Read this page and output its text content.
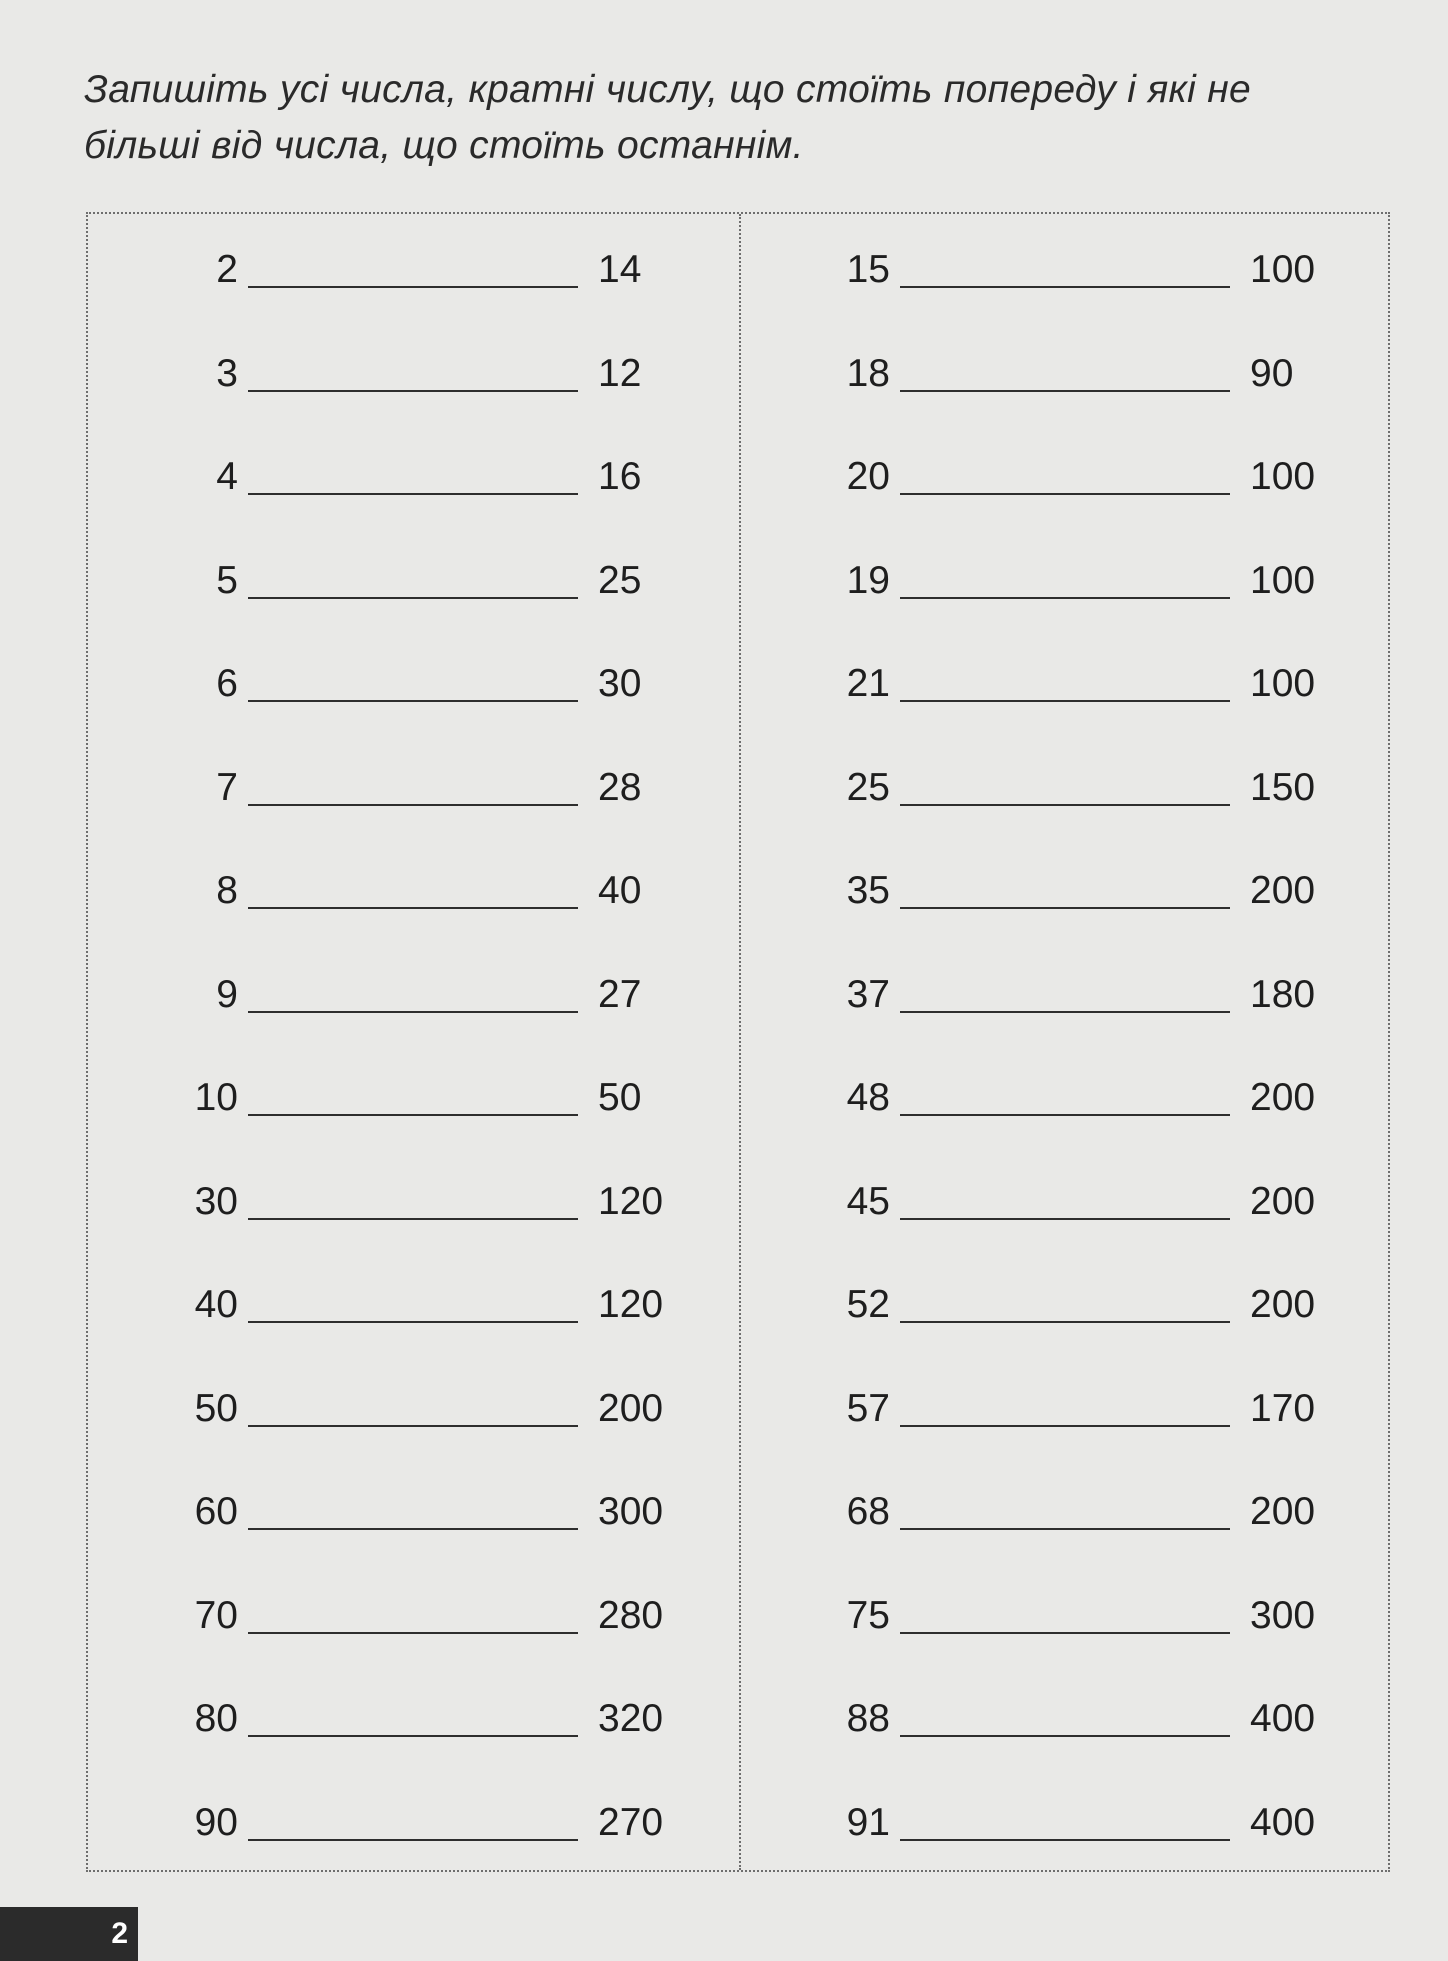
Запишіть усі числа, кратні числу, що стоїть попереду і які не
більші від числа, що стоїть останнім.

2	14
3	12
4	16
5	25
6	30
7	28
8	40
9	27
10	50
30	120
40	120
50	200
60	300
70	280
80	320
90	270
15	100
18	90
20	100
19	100
21	100
25	150
35	200
37	180
48	200
45	200
52	200
57	170
68	200
75	300
88	400
91	400
2
